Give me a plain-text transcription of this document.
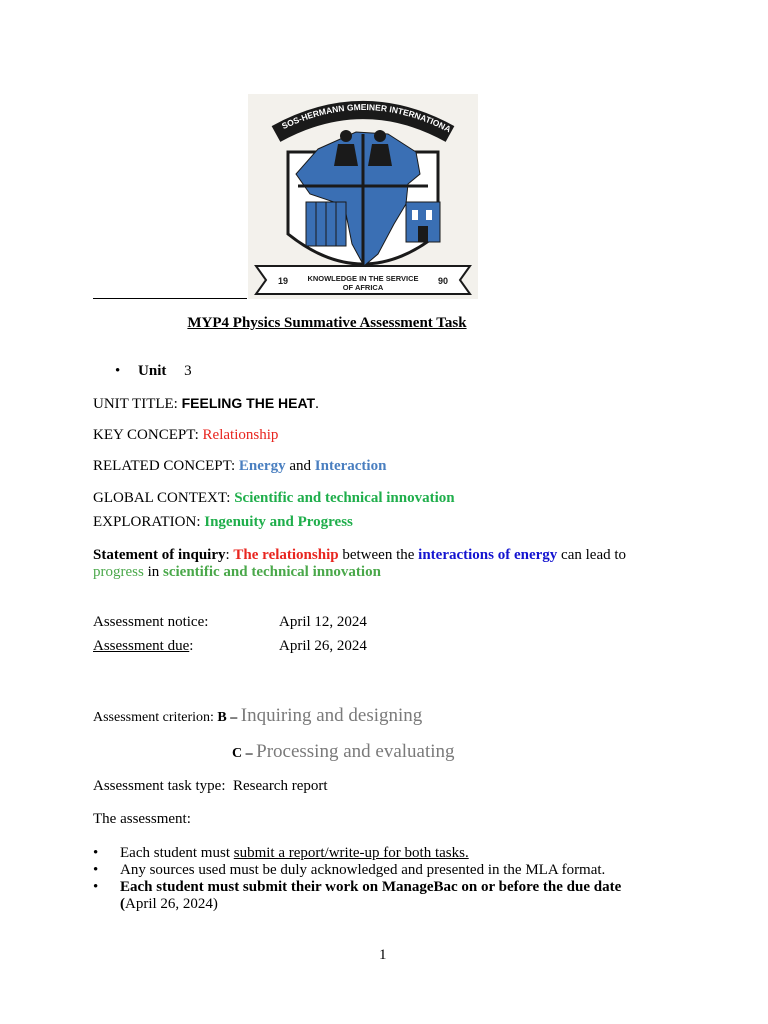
SOS-HERMANN GMEINER INTERNATIONA
19	90
KNOWLEDGE IN THE SERVICE
OF AFRICA
MYP4 Physics Summative Assessment Task
• Unit 3
UNIT TITLE: FEELING THE HEAT.
KEY CONCEPT: Relationship
RELATED CONCEPT: Energy and Interaction
GLOBAL CONTEXT: Scientific and technical innovation
EXPLORATION: Ingenuity and Progress
Statement of inquiry: The relationship between the interactions of energy can lead to
progress in scientific and technical innovation
Assessment notice:	April 12, 2024
Assessment due:	April 26, 2024
Assessment criterion: B – Inquiring and designing
C – Processing and evaluating
Assessment task type:  Research report
The assessment:
• Each student must submit a report/write-up for both tasks.
• Any sources used must be duly acknowledged and presented in the MLA format.
• Each student must submit their work on ManageBac on or before the due date
(April 26, 2024)
1
